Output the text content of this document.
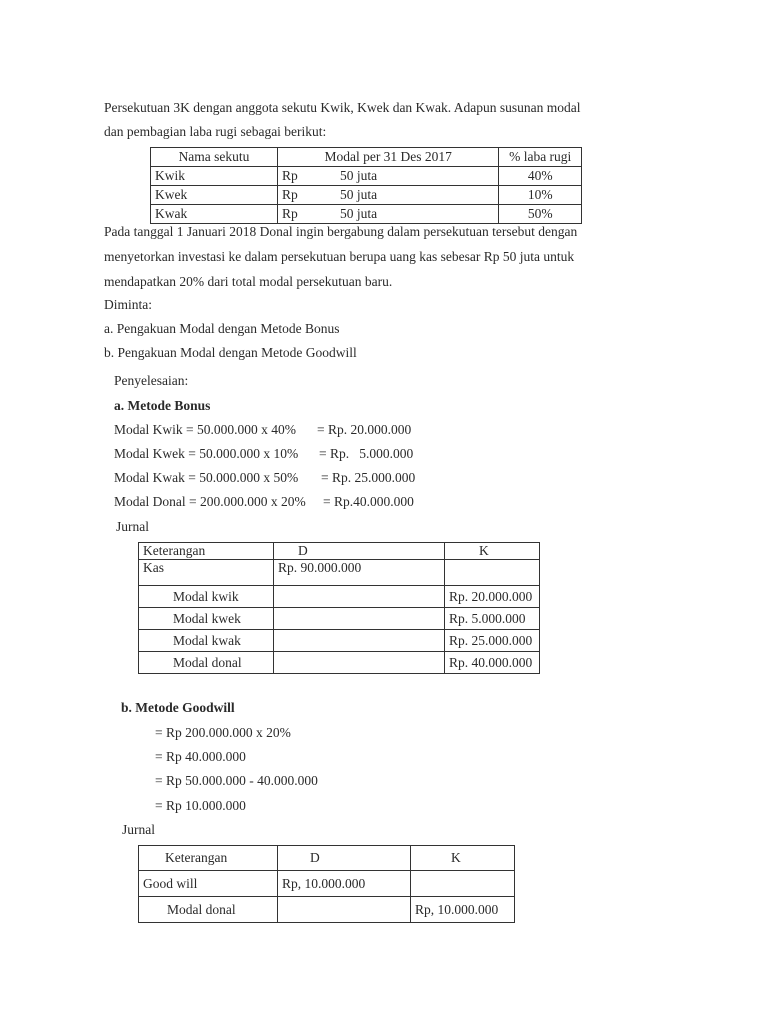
Persekutuan 3K dengan anggota sekutu Kwik, Kwek dan Kwak. Adapun susunan modal
dan pembagian laba rugi sebagai berikut:
Nama sekutu	Modal per 31 Des 2017		% laba rugi
Kwik	Rp	50 juta	40%
Kwek	Rp	50 juta	10%
Kwak	Rp	50 juta	50%
Pada tanggal 1 Januari 2018 Donal ingin bergabung dalam persekutuan tersebut dengan
menyetorkan investasi ke dalam persekutuan berupa uang kas sebesar Rp 50 juta untuk
mendapatkan 20% dari total modal persekutuan baru.
Diminta:
a. Pengakuan Modal dengan Metode Bonus
b. Pengakuan Modal dengan Metode Goodwill
Penyelesaian:
a. Metode Bonus
Modal Kwik = 50.000.000 x 40% = Rp. 20.000.000
Modal Kwek = 50.000.000 x 10% = Rp.   5.000.000
Modal Kwak = 50.000.000 x 50% = Rp. 25.000.000
Modal Donal = 200.000.000 x 20% = Rp.40.000.000
Jurnal
Keterangan	D	K
Kas	Rp. 90.000.000	
Modal kwik		Rp. 20.000.000
Modal kwek		Rp. 5.000.000
Modal kwak		Rp. 25.000.000
Modal donal		Rp. 40.000.000
b. Metode Goodwill
= Rp 200.000.000 x 20%
= Rp 40.000.000
= Rp 50.000.000 - 40.000.000
= Rp 10.000.000
Jurnal
Keterangan	D	K
Good will	Rp, 10.000.000	
Modal donal		Rp, 10.000.000
